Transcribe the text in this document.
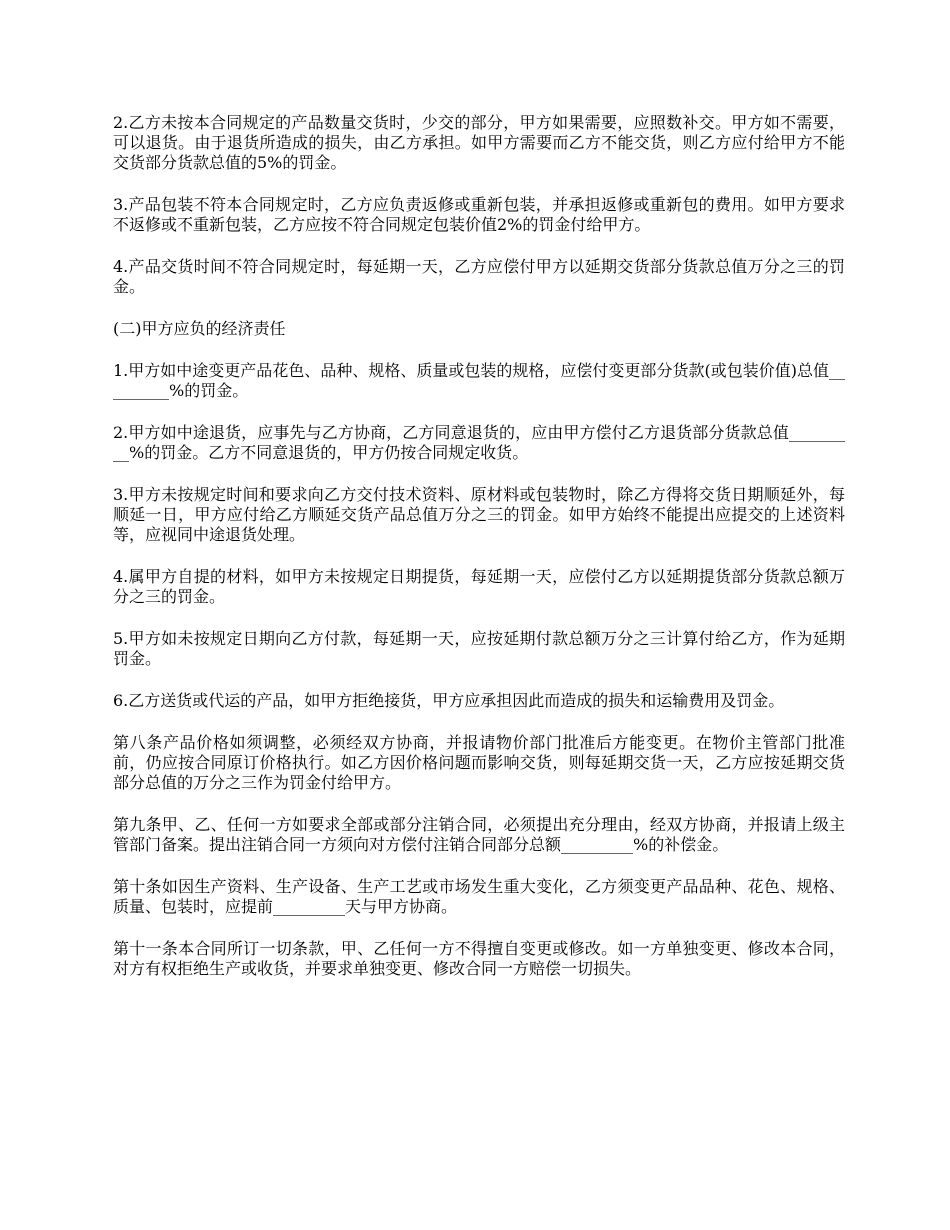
2.乙方未按本合同规定的产品数量交货时，少交的部分，甲方如果需要，应照数补交。甲方如不需要，可以退货。由于退货所造成的损失，由乙方承担。如甲方需要而乙方不能交货，则乙方应付给甲方不能交货部分货款总值的5%的罚金。

3.产品包装不符本合同规定时，乙方应负责返修或重新包装，并承担返修或重新包的费用。如甲方要求不返修或不重新包装，乙方应按不符合同规定包装价值2%的罚金付给甲方。

4.产品交货时间不符合同规定时，每延期一天，乙方应偿付甲方以延期交货部分货款总值万分之三的罚金。

(二)甲方应负的经济责任

1.甲方如中途变更产品花色、品种、规格、质量或包装的规格，应偿付变更部分货款(或包装价值)总值_________%的罚金。

2.甲方如中途退货，应事先与乙方协商，乙方同意退货的，应由甲方偿付乙方退货部分货款总值_________%的罚金。乙方不同意退货的，甲方仍按合同规定收货。

3.甲方未按规定时间和要求向乙方交付技术资料、原材料或包装物时，除乙方得将交货日期顺延外，每顺延一日，甲方应付给乙方顺延交货产品总值万分之三的罚金。如甲方始终不能提出应提交的上述资料等，应视同中途退货处理。

4.属甲方自提的材料，如甲方未按规定日期提货，每延期一天，应偿付乙方以延期提货部分货款总额万分之三的罚金。

5.甲方如未按规定日期向乙方付款，每延期一天，应按延期付款总额万分之三计算付给乙方，作为延期罚金。

6.乙方送货或代运的产品，如甲方拒绝接货，甲方应承担因此而造成的损失和运输费用及罚金。

第八条产品价格如须调整，必须经双方协商，并报请物价部门批准后方能变更。在物价主管部门批准前，仍应按合同原订价格执行。如乙方因价格问题而影响交货，则每延期交货一天，乙方应按延期交货部分总值的万分之三作为罚金付给甲方。

第九条甲、乙、任何一方如要求全部或部分注销合同，必须提出充分理由，经双方协商，并报请上级主管部门备案。提出注销合同一方须向对方偿付注销合同部分总额_________%的补偿金。

第十条如因生产资料、生产设备、生产工艺或市场发生重大变化，乙方须变更产品品种、花色、规格、质量、包装时，应提前_________天与甲方协商。

第十一条本合同所订一切条款，甲、乙任何一方不得擅自变更或修改。如一方单独变更、修改本合同，对方有权拒绝生产或收货，并要求单独变更、修改合同一方赔偿一切损失。
